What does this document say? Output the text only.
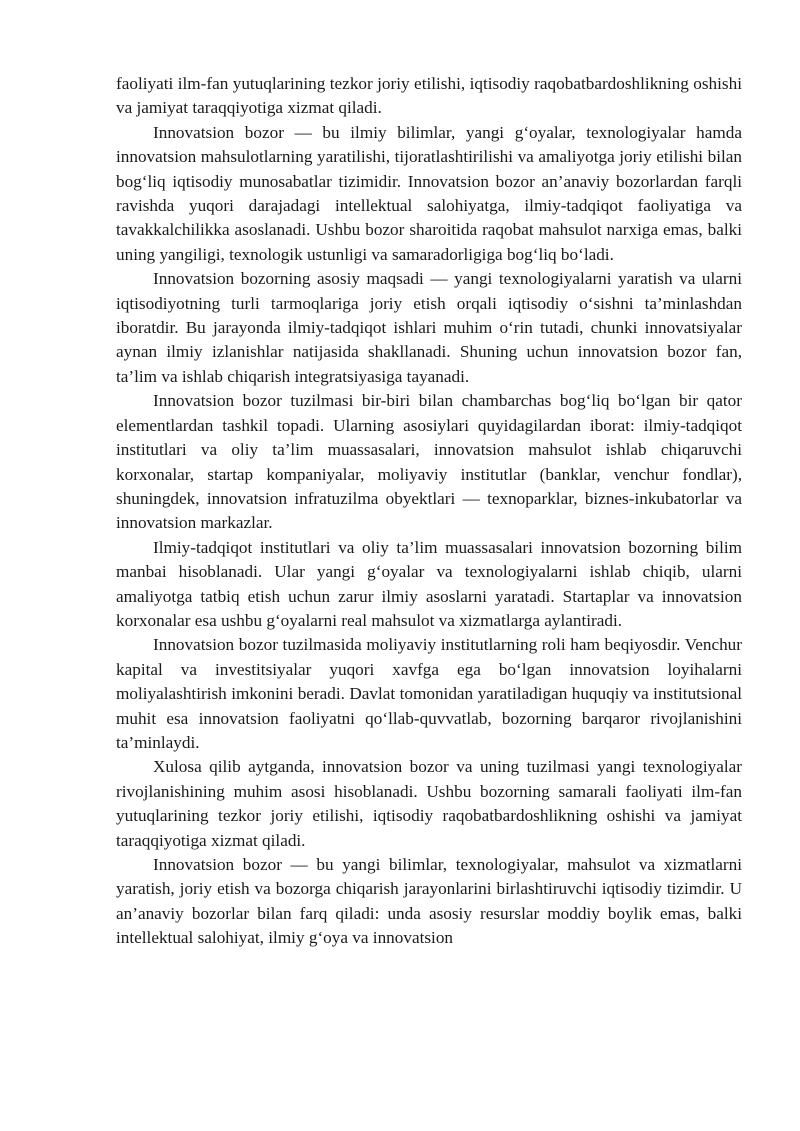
faoliyati ilm-fan yutuqlarining tezkor joriy etilishi, iqtisodiy raqobatbardoshlikning oshishi va jamiyat taraqqiyotiga xizmat qiladi.

Innovatsion bozor — bu ilmiy bilimlar, yangi g‘oyalar, texnologiyalar hamda innovatsion mahsulotlarning yaratilishi, tijoratlashtirilishi va amaliyotga joriy etilishi bilan bog‘liq iqtisodiy munosabatlar tizimidir. Innovatsion bozor an’anaviy bozorlardan farqli ravishda yuqori darajadagi intellektual salohiyatga, ilmiy-tadqiqot faoliyatiga va tavakkalchilikka asoslanadi. Ushbu bozor sharoitida raqobat mahsulot narxiga emas, balki uning yangiligi, texnologik ustunligi va samaradorligiga bog‘liq bo‘ladi.

Innovatsion bozorning asosiy maqsadi — yangi texnologiyalarni yaratish va ularni iqtisodiyotning turli tarmoqlariga joriy etish orqali iqtisodiy o‘sishni ta’minlashdan iboratdir. Bu jarayonda ilmiy-tadqiqot ishlari muhim o‘rin tutadi, chunki innovatsiyalar aynan ilmiy izlanishlar natijasida shakllanadi. Shuning uchun innovatsion bozor fan, ta’lim va ishlab chiqarish integratsiyasiga tayanadi.

Innovatsion bozor tuzilmasi bir-biri bilan chambarchas bog‘liq bo‘lgan bir qator elementlardan tashkil topadi. Ularning asosiylari quyidagilardan iborat: ilmiy-tadqiqot institutlari va oliy ta’lim muassasalari, innovatsion mahsulot ishlab chiqaruvchi korxonalar, startap kompaniyalar, moliyaviy institutlar (banklar, venchur fondlar), shuningdek, innovatsion infratuzilma obyektlari — texnoparklar, biznes-inkubatorlar va innovatsion markazlar.

Ilmiy-tadqiqot institutlari va oliy ta’lim muassasalari innovatsion bozorning bilim manbai hisoblanadi. Ular yangi g‘oyalar va texnologiyalarni ishlab chiqib, ularni amaliyotga tatbiq etish uchun zarur ilmiy asoslarni yaratadi. Startaplar va innovatsion korxonalar esa ushbu g‘oyalarni real mahsulot va xizmatlarga aylantiradi.

Innovatsion bozor tuzilmasida moliyaviy institutlarning roli ham beqiyosdir. Venchur kapital va investitsiyalar yuqori xavfga ega bo‘lgan innovatsion loyihalarni moliyalashtirish imkonini beradi. Davlat tomonidan yaratiladigan huquqiy va institutsional muhit esa innovatsion faoliyatni qo‘llab-quvvatlab, bozorning barqaror rivojlanishini ta’minlaydi.

Xulosa qilib aytganda, innovatsion bozor va uning tuzilmasi yangi texnologiyalar rivojlanishining muhim asosi hisoblanadi. Ushbu bozorning samarali faoliyati ilm-fan yutuqlarining tezkor joriy etilishi, iqtisodiy raqobatbardoshlikning oshishi va jamiyat taraqqiyotiga xizmat qiladi.

Innovatsion bozor — bu yangi bilimlar, texnologiyalar, mahsulot va xizmatlarni yaratish, joriy etish va bozorga chiqarish jarayonlarini birlashtiruvchi iqtisodiy tizimdir. U an’anaviy bozorlar bilan farq qiladi: unda asosiy resurslar moddiy boylik emas, balki intellektual salohiyat, ilmiy g‘oya va innovatsion
